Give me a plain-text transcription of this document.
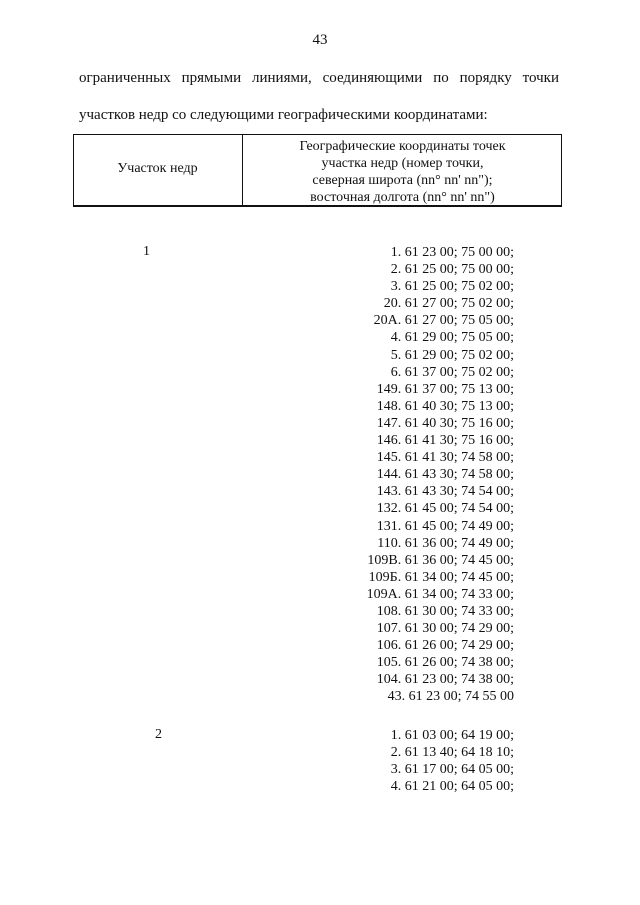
43
ограниченных прямыми линиями, соединяющими по порядку точки
участков недр со следующими географическими координатами:
Участок недр
Географические координаты точек
участка недр (номер точки,
северная широта (nn° nn' nn");
восточная долгота (nn° nn' nn")
1	1. 61 23 00; 75 00 00;
2. 61 25 00; 75 00 00;
3. 61 25 00; 75 02 00;
20. 61 27 00; 75 02 00;
20А. 61 27 00; 75 05 00;
4. 61 29 00; 75 05 00;
5. 61 29 00; 75 02 00;
6. 61 37 00; 75 02 00;
149. 61 37 00; 75 13 00;
148. 61 40 30; 75 13 00;
147. 61 40 30; 75 16 00;
146. 61 41 30; 75 16 00;
145. 61 41 30; 74 58 00;
144. 61 43 30; 74 58 00;
143. 61 43 30; 74 54 00;
132. 61 45 00; 74 54 00;
131. 61 45 00; 74 49 00;
110. 61 36 00; 74 49 00;
109В. 61 36 00; 74 45 00;
109Б. 61 34 00; 74 45 00;
109А. 61 34 00; 74 33 00;
108. 61 30 00; 74 33 00;
107. 61 30 00; 74 29 00;
106. 61 26 00; 74 29 00;
105. 61 26 00; 74 38 00;
104. 61 23 00; 74 38 00;
43. 61 23 00; 74 55 00
2	1. 61 03 00; 64 19 00;
2. 61 13 40; 64 18 10;
3. 61 17 00; 64 05 00;
4. 61 21 00; 64 05 00;
